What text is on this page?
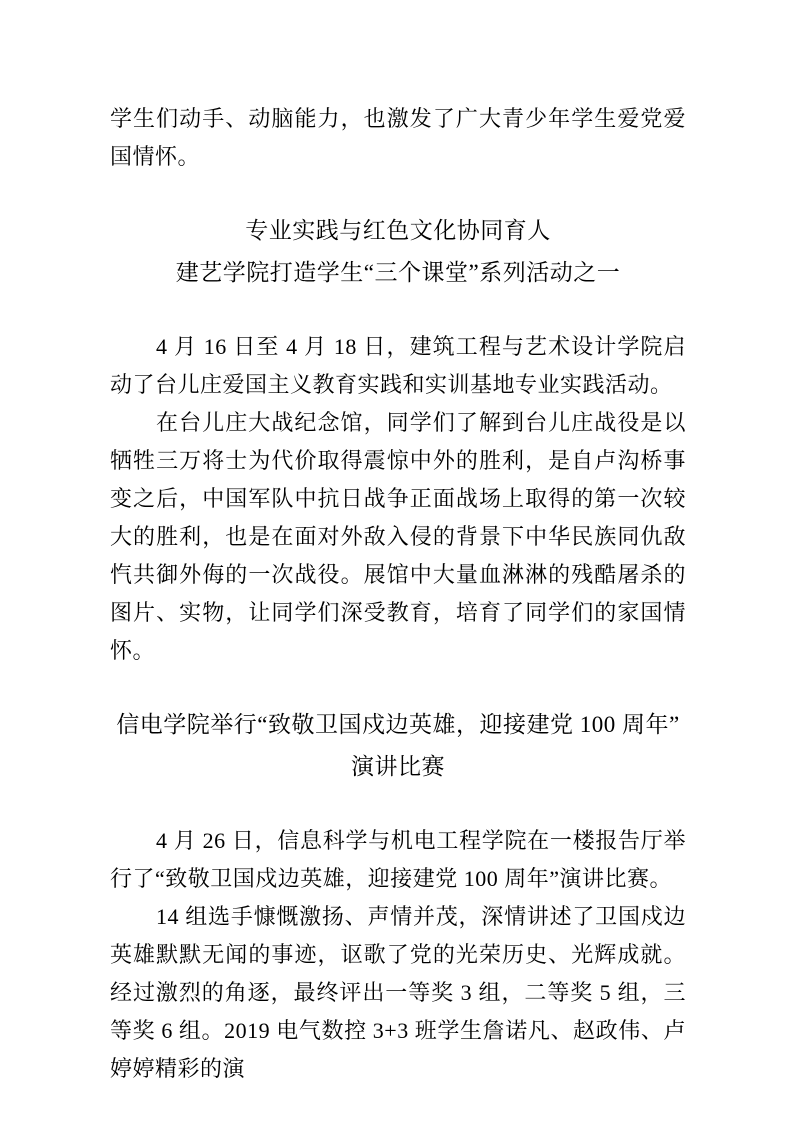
学生们动手、动脑能力，也激发了广大青少年学生爱党爱国情怀。

专业实践与红色文化协同育人
建艺学院打造学生“三个课堂”系列活动之一

4 月 16 日至 4 月 18 日，建筑工程与艺术设计学院启动了台儿庄爱国主义教育实践和实训基地专业实践活动。

在台儿庄大战纪念馆，同学们了解到台儿庄战役是以牺牲三万将士为代价取得震惊中外的胜利，是自卢沟桥事变之后，中国军队中抗日战争正面战场上取得的第一次较大的胜利，也是在面对外敌入侵的背景下中华民族同仇敌忾共御外侮的一次战役。展馆中大量血淋淋的残酷屠杀的图片、实物，让同学们深受教育，培育了同学们的家国情怀。

信电学院举行“致敬卫国戍边英雄，迎接建党 100 周年”
演讲比赛

4 月 26 日，信息科学与机电工程学院在一楼报告厅举行了“致敬卫国戍边英雄，迎接建党 100 周年”演讲比赛。

14 组选手慷慨激扬、声情并茂，深情讲述了卫国戍边英雄默默无闻的事迹，讴歌了党的光荣历史、光辉成就。经过激烈的角逐，最终评出一等奖 3 组，二等奖 5 组，三等奖 6 组。2019 电气数控 3+3 班学生詹诺凡、赵政伟、卢婷婷精彩的演
